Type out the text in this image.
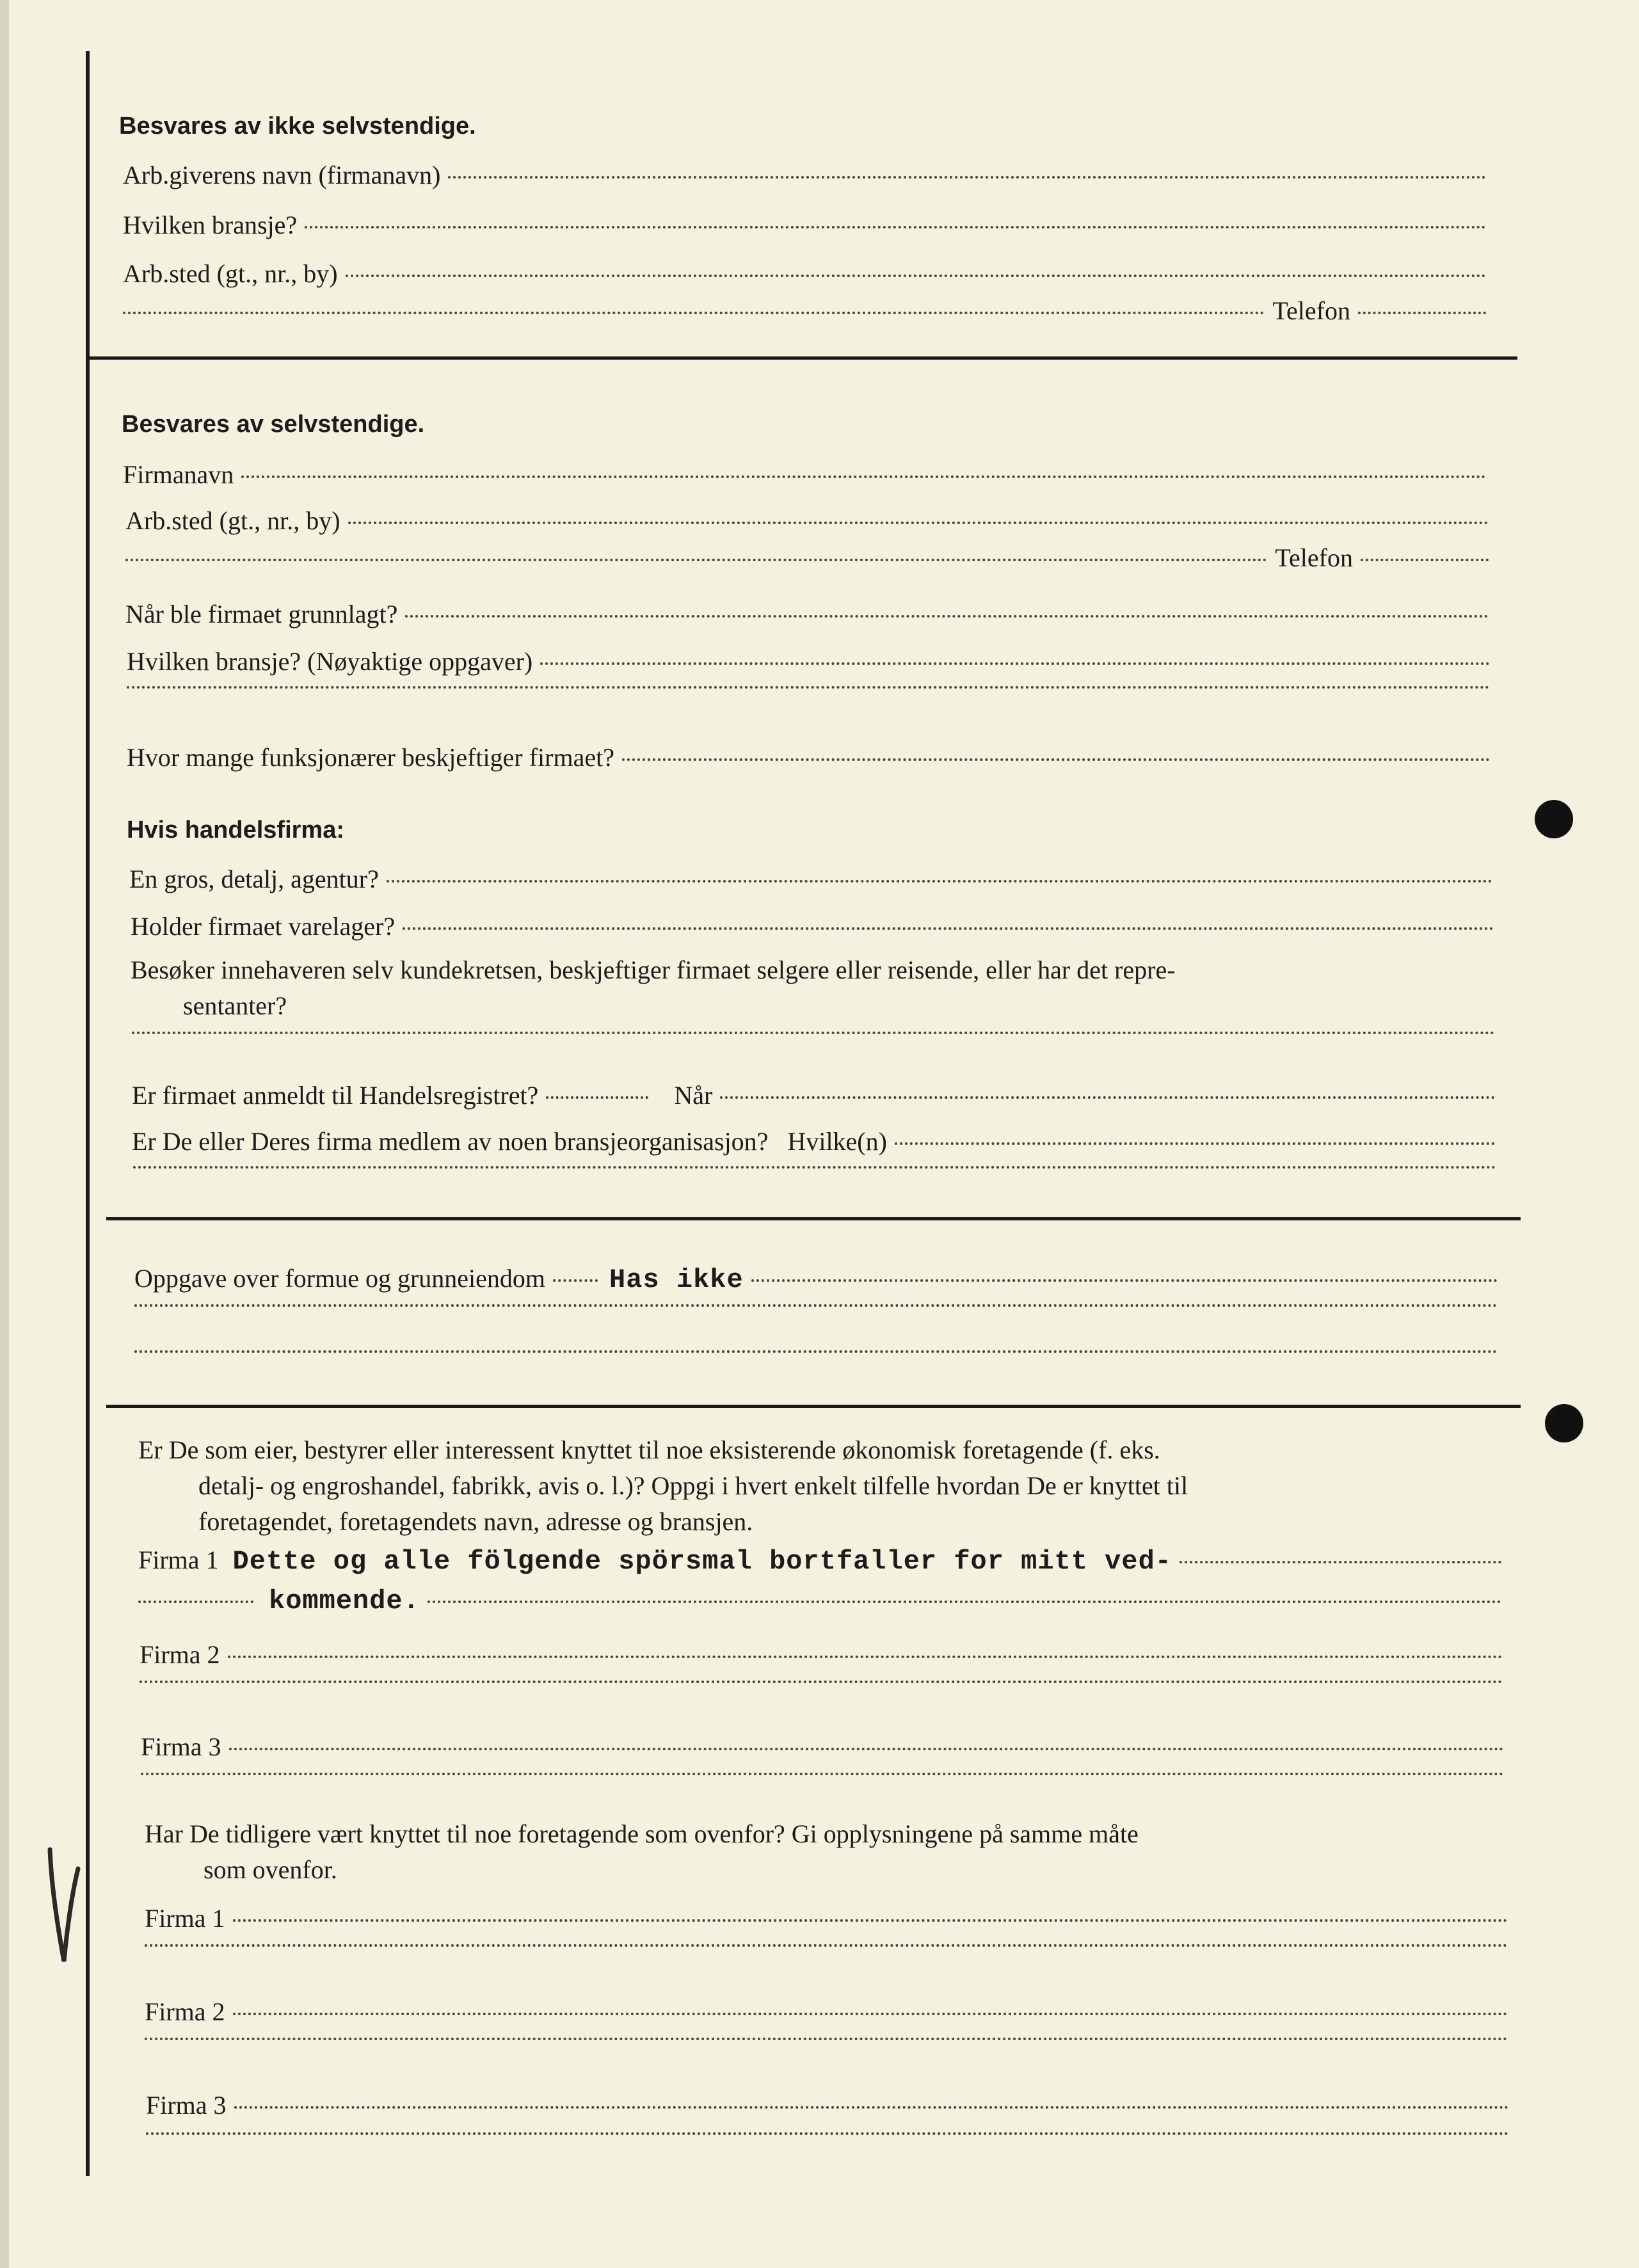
Besvares av ikke selvstendige.
Arb.giverens navn (firmanavn)
Hvilken bransje?
Arb.sted (gt., nr., by)
Telefon
Besvares av selvstendige.
Firmanavn
Arb.sted (gt., nr., by)
Telefon
Når ble firmaet grunnlagt?
Hvilken bransje? (Nøyaktige oppgaver)
Hvor mange funksjonærer beskjeftiger firmaet?
Hvis handelsfirma:
En gros, detalj, agentur?
Holder firmaet varelager?
Besøker innehaveren selv kundekretsen, beskjeftiger firmaet selgere eller reisende, eller har det repre-
sentanter?
Er firmaet anmeldt til Handelsregistret?	Når
Er De eller Deres firma medlem av noen bransjeorganisasjon? Hvilke(n)
Oppgave over formue og grunneiendom Has ikke
Er De som eier, bestyrer eller interessent knyttet til noe eksisterende økonomisk foretagende (f. eks.
detalj- og engroshandel, fabrikk, avis o. l.)? Oppgi i hvert enkelt tilfelle hvordan De er knyttet til
foretagendet, foretagendets navn, adresse og bransjen.
Firma 1 Dette og alle fölgende spörsmal bortfaller for mitt ved-
kommende.
Firma 2
Firma 3
Har De tidligere vært knyttet til noe foretagende som ovenfor? Gi opplysningene på samme måte
som ovenfor.
Firma 1
Firma 2
Firma 3
